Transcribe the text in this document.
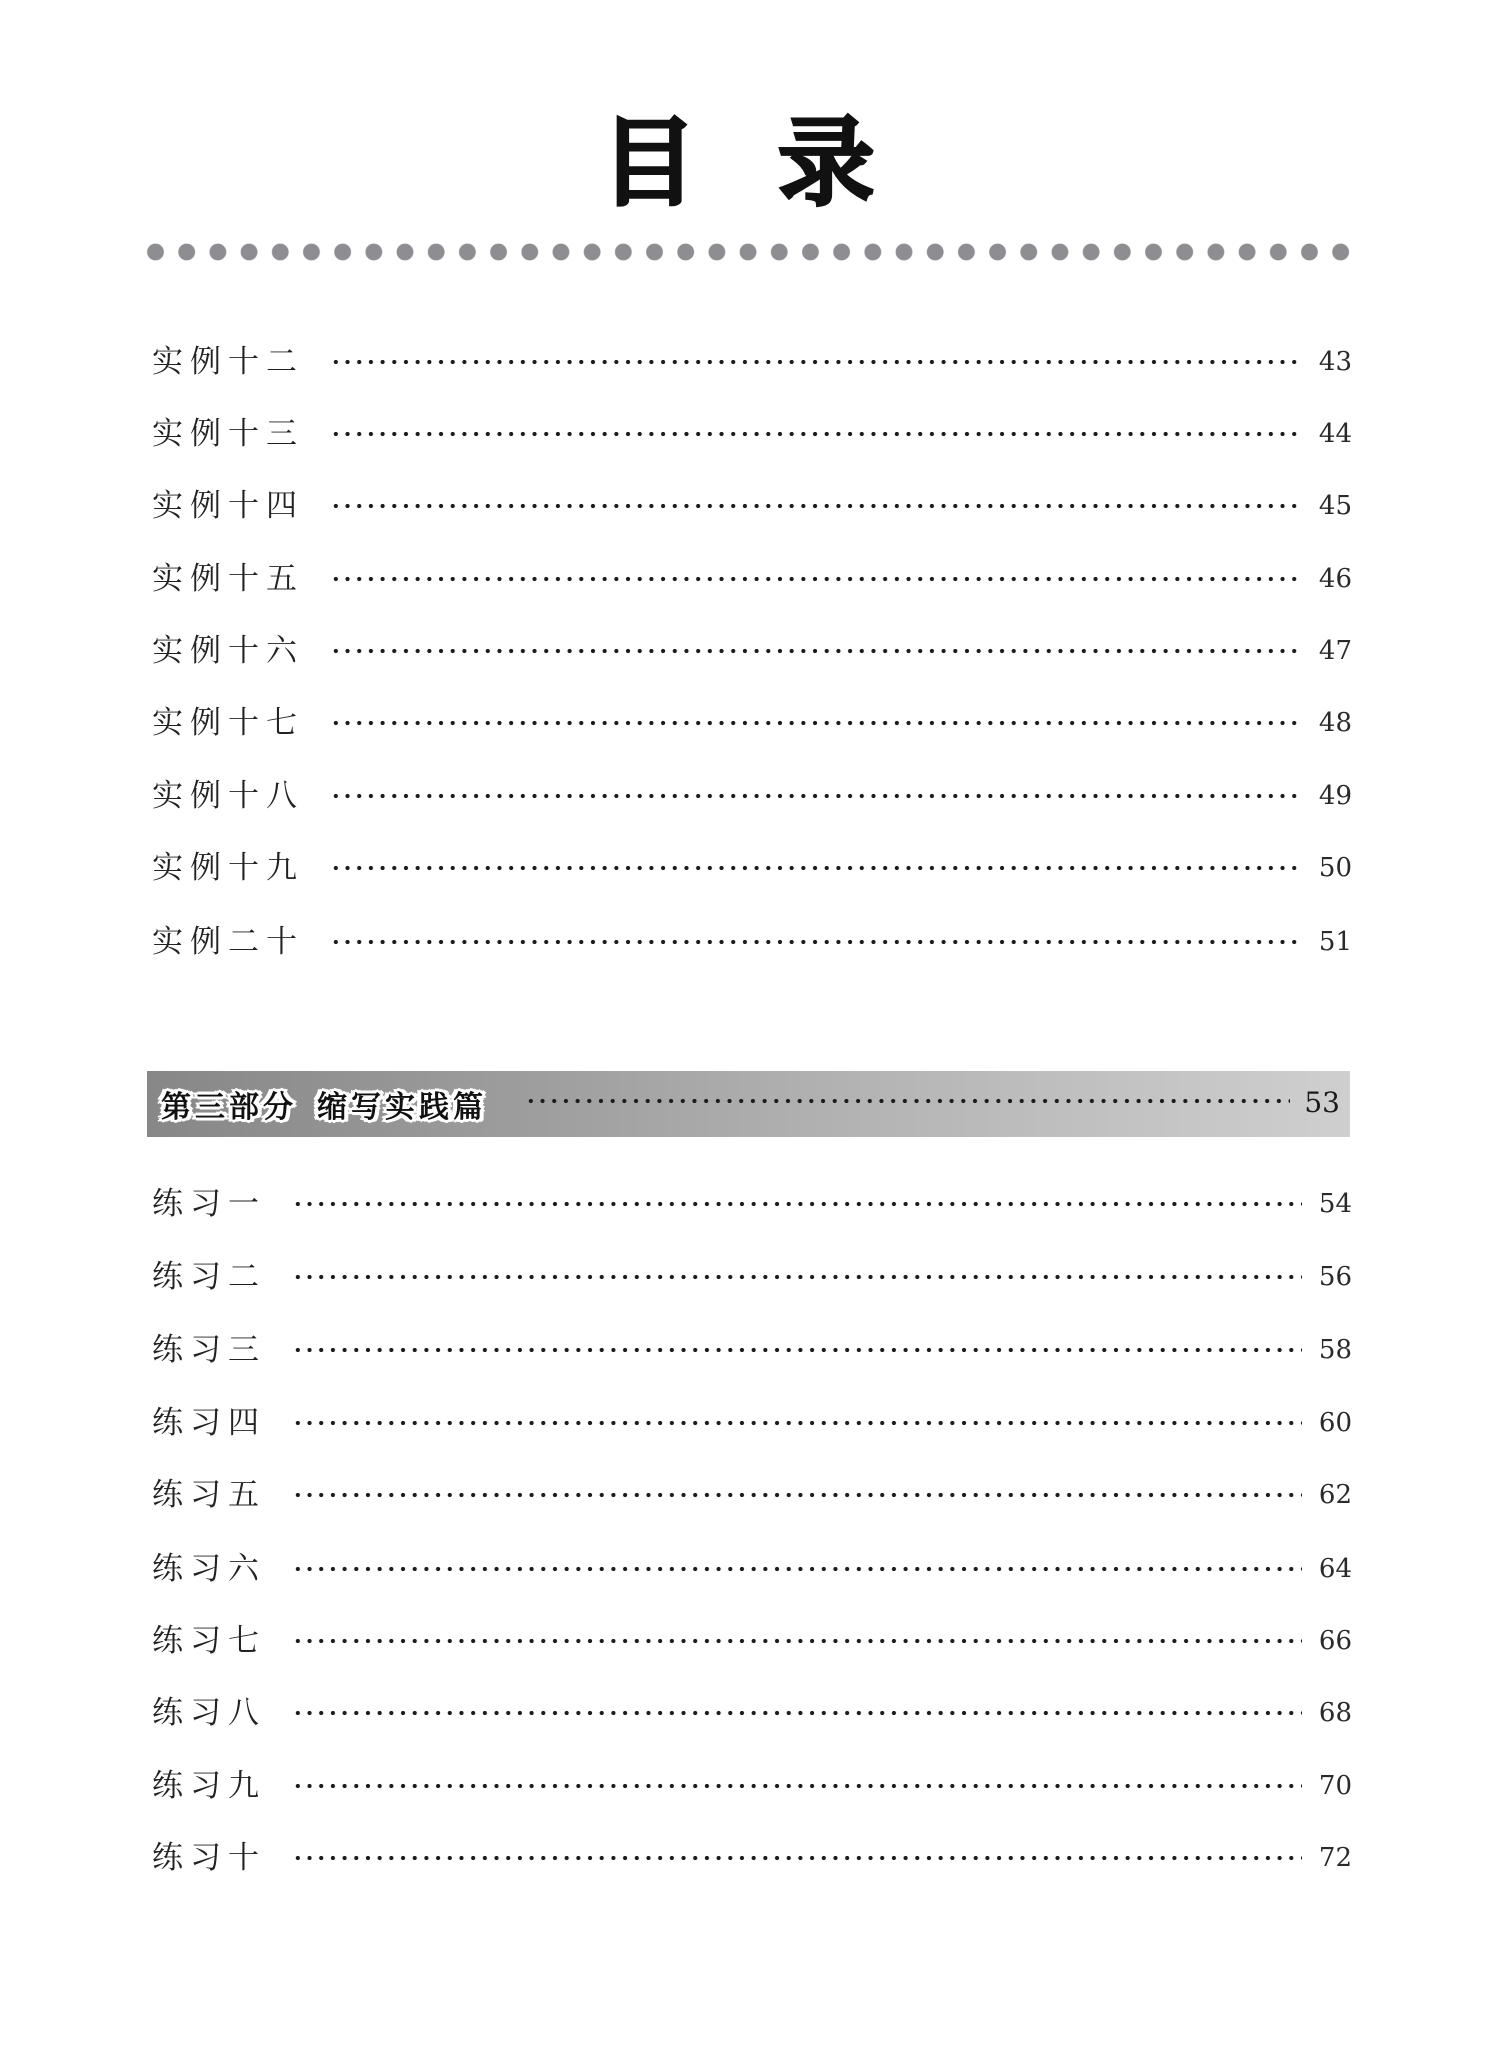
目 录
实例十二	43
实例十三	44
实例十四	45
实例十五	46
实例十六	47
实例十七	48
实例十八	49
实例十九	50
实例二十	51
第三部分 缩写实践篇	53
练习一	54
练习二	56
练习三	58
练习四	60
练习五	62
练习六	64
练习七	66
练习八	68
练习九	70
练习十	72
